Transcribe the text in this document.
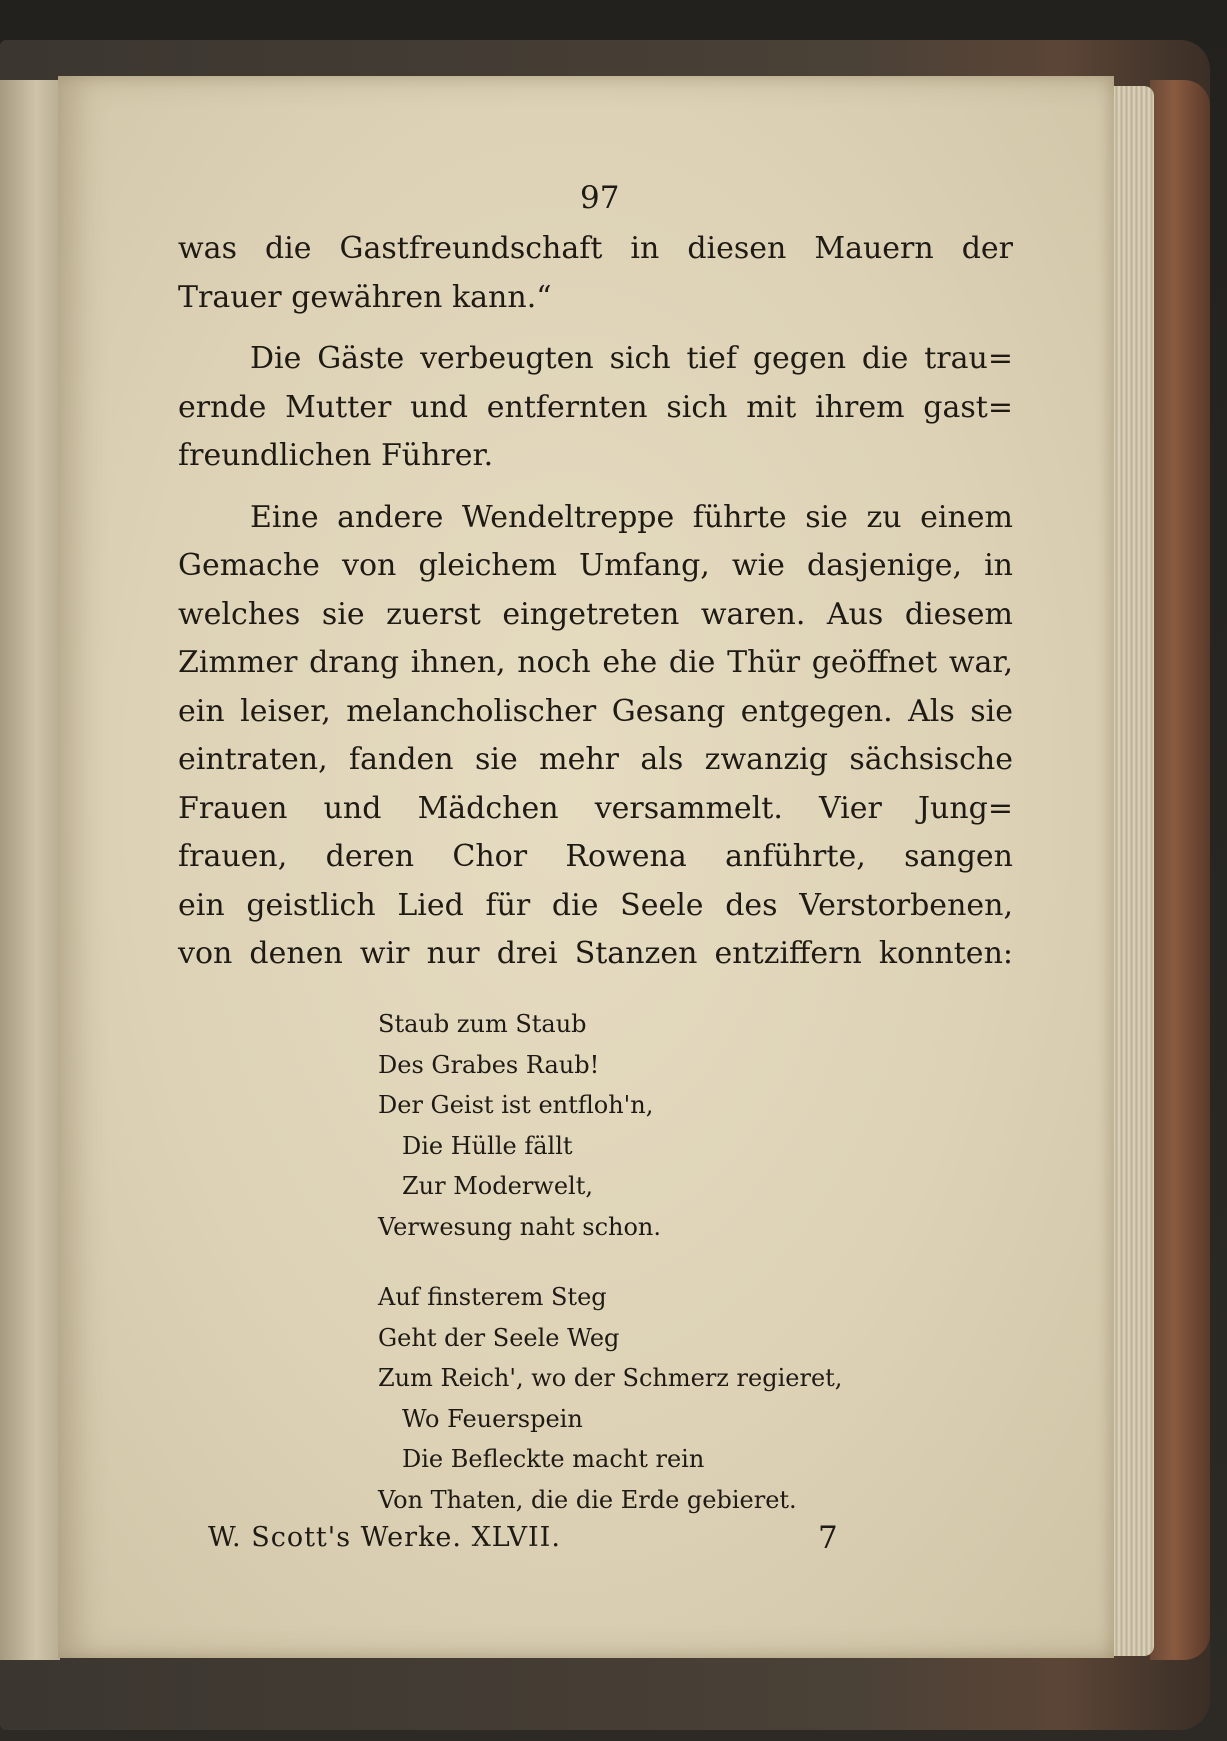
97
was die Gastfreundschaft in diesen Mauern der
Trauer gewähren kann.“
Die Gäste verbeugten sich tief gegen die trau=
ernde Mutter und entfernten sich mit ihrem gast=
freundlichen Führer.
Eine andere Wendeltreppe führte sie zu einem
Gemache von gleichem Umfang, wie dasjenige, in
welches sie zuerst eingetreten waren. Aus diesem
Zimmer drang ihnen, noch ehe die Thür geöffnet war,
ein leiser, melancholischer Gesang entgegen. Als sie
eintraten, fanden sie mehr als zwanzig sächsische
Frauen und Mädchen versammelt. Vier Jung=
frauen, deren Chor Rowena anführte, sangen
ein geistlich Lied für die Seele des Verstorbenen,
von denen wir nur drei Stanzen entziffern konnten:
Staub zum Staub
Des Grabes Raub!
Der Geist ist entfloh'n,
Die Hülle fällt
Zur Moderwelt,
Verwesung naht schon.
Auf finsterem Steg
Geht der Seele Weg
Zum Reich', wo der Schmerz regieret,
Wo Feuerspein
Die Befleckte macht rein
Von Thaten, die die Erde gebieret.
W. Scott's Werke. XLVII.	7
